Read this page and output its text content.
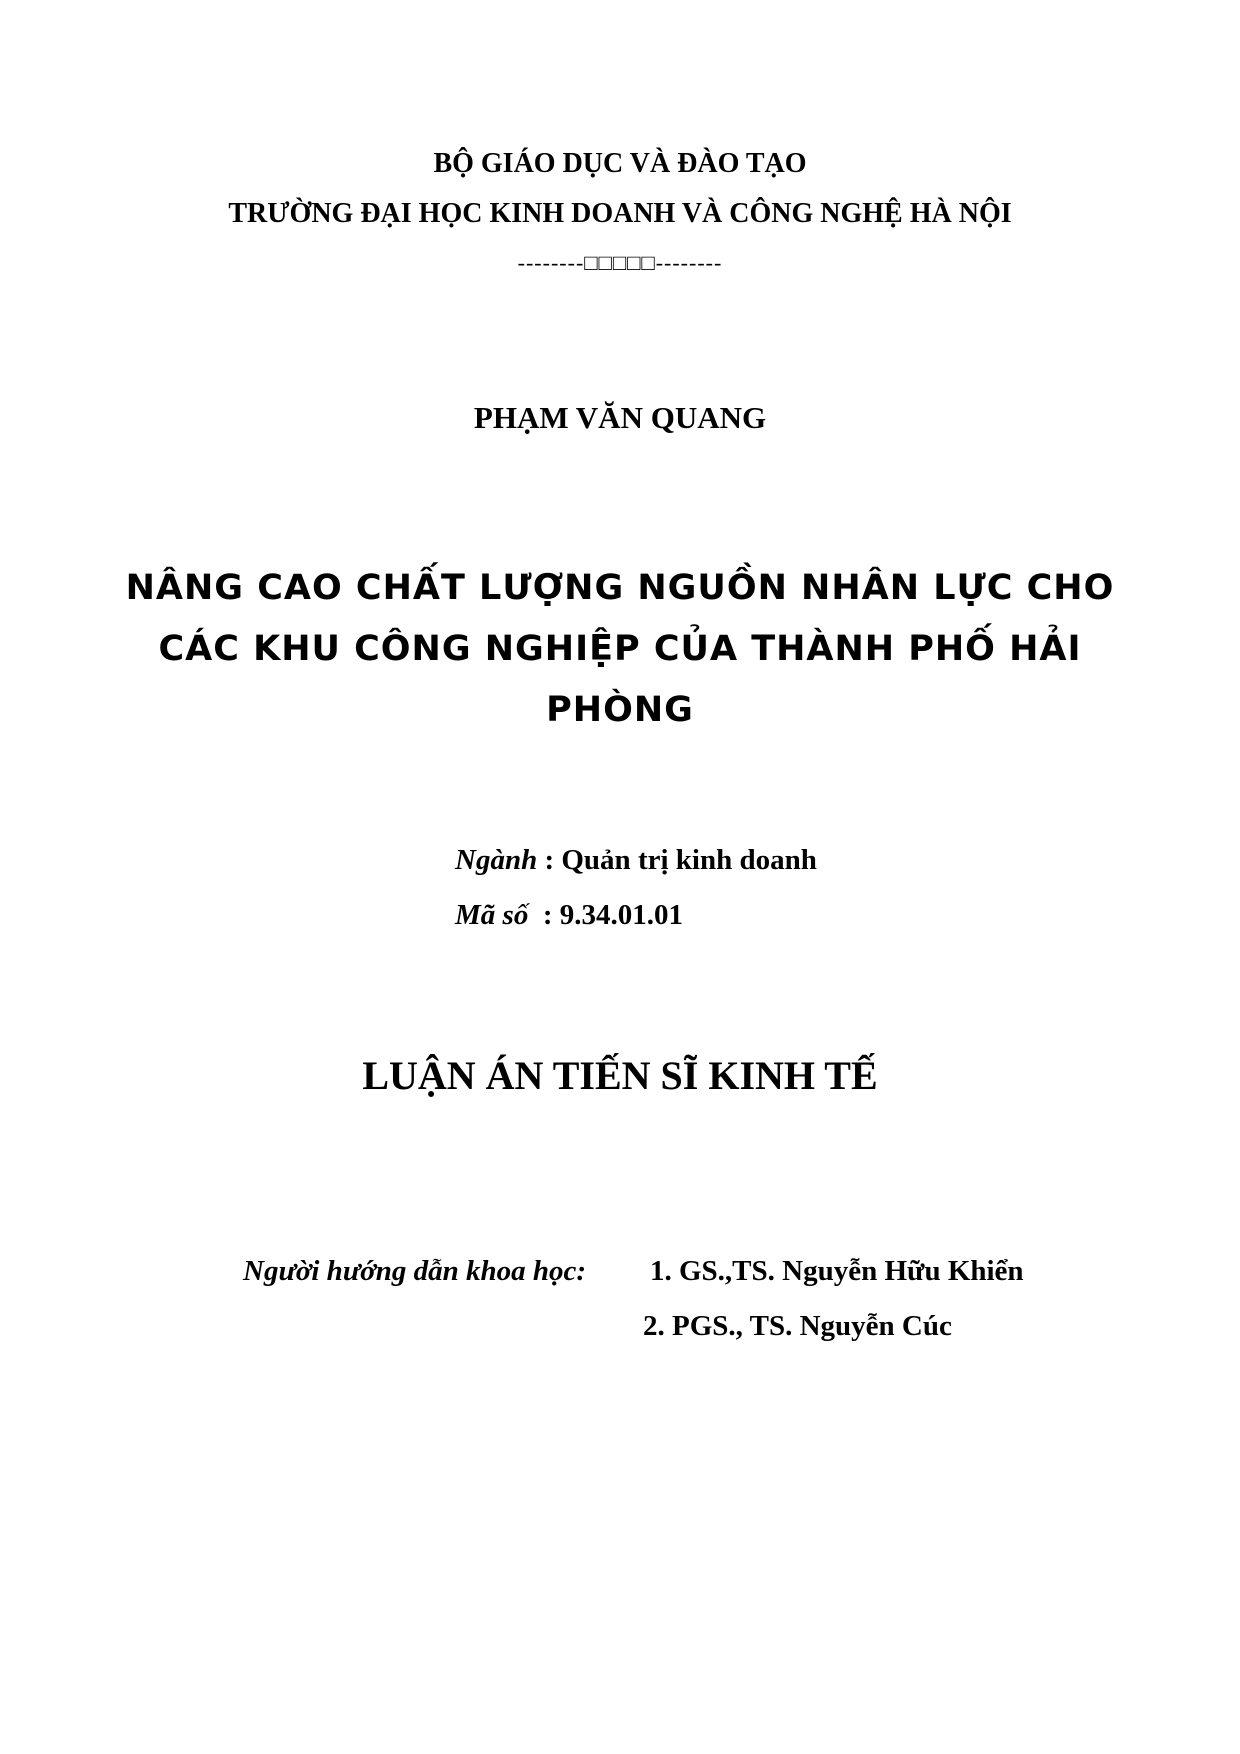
BỘ GIÁO DỤC VÀ ĐÀO TẠO
TRƯỜNG ĐẠI HỌC KINH DOANH VÀ CÔNG NGHỆ HÀ NỘI
--------□□□□□--------
PHẠM VĂN QUANG
NÂNG CAO CHẤT LƯỢNG NGUỒN NHÂN LỰC CHO
CÁC KHU CÔNG NGHIỆP CỦA THÀNH PHỐ HẢI
PHÒNG
Ngành : Quản trị kinh doanh
Mã số  : 9.34.01.01
LUẬN ÁN TIẾN SĨ KINH TẾ
Người hướng dẫn khoa học: 1. GS.,TS. Nguyễn Hữu Khiển
2. PGS., TS. Nguyễn Cúc
